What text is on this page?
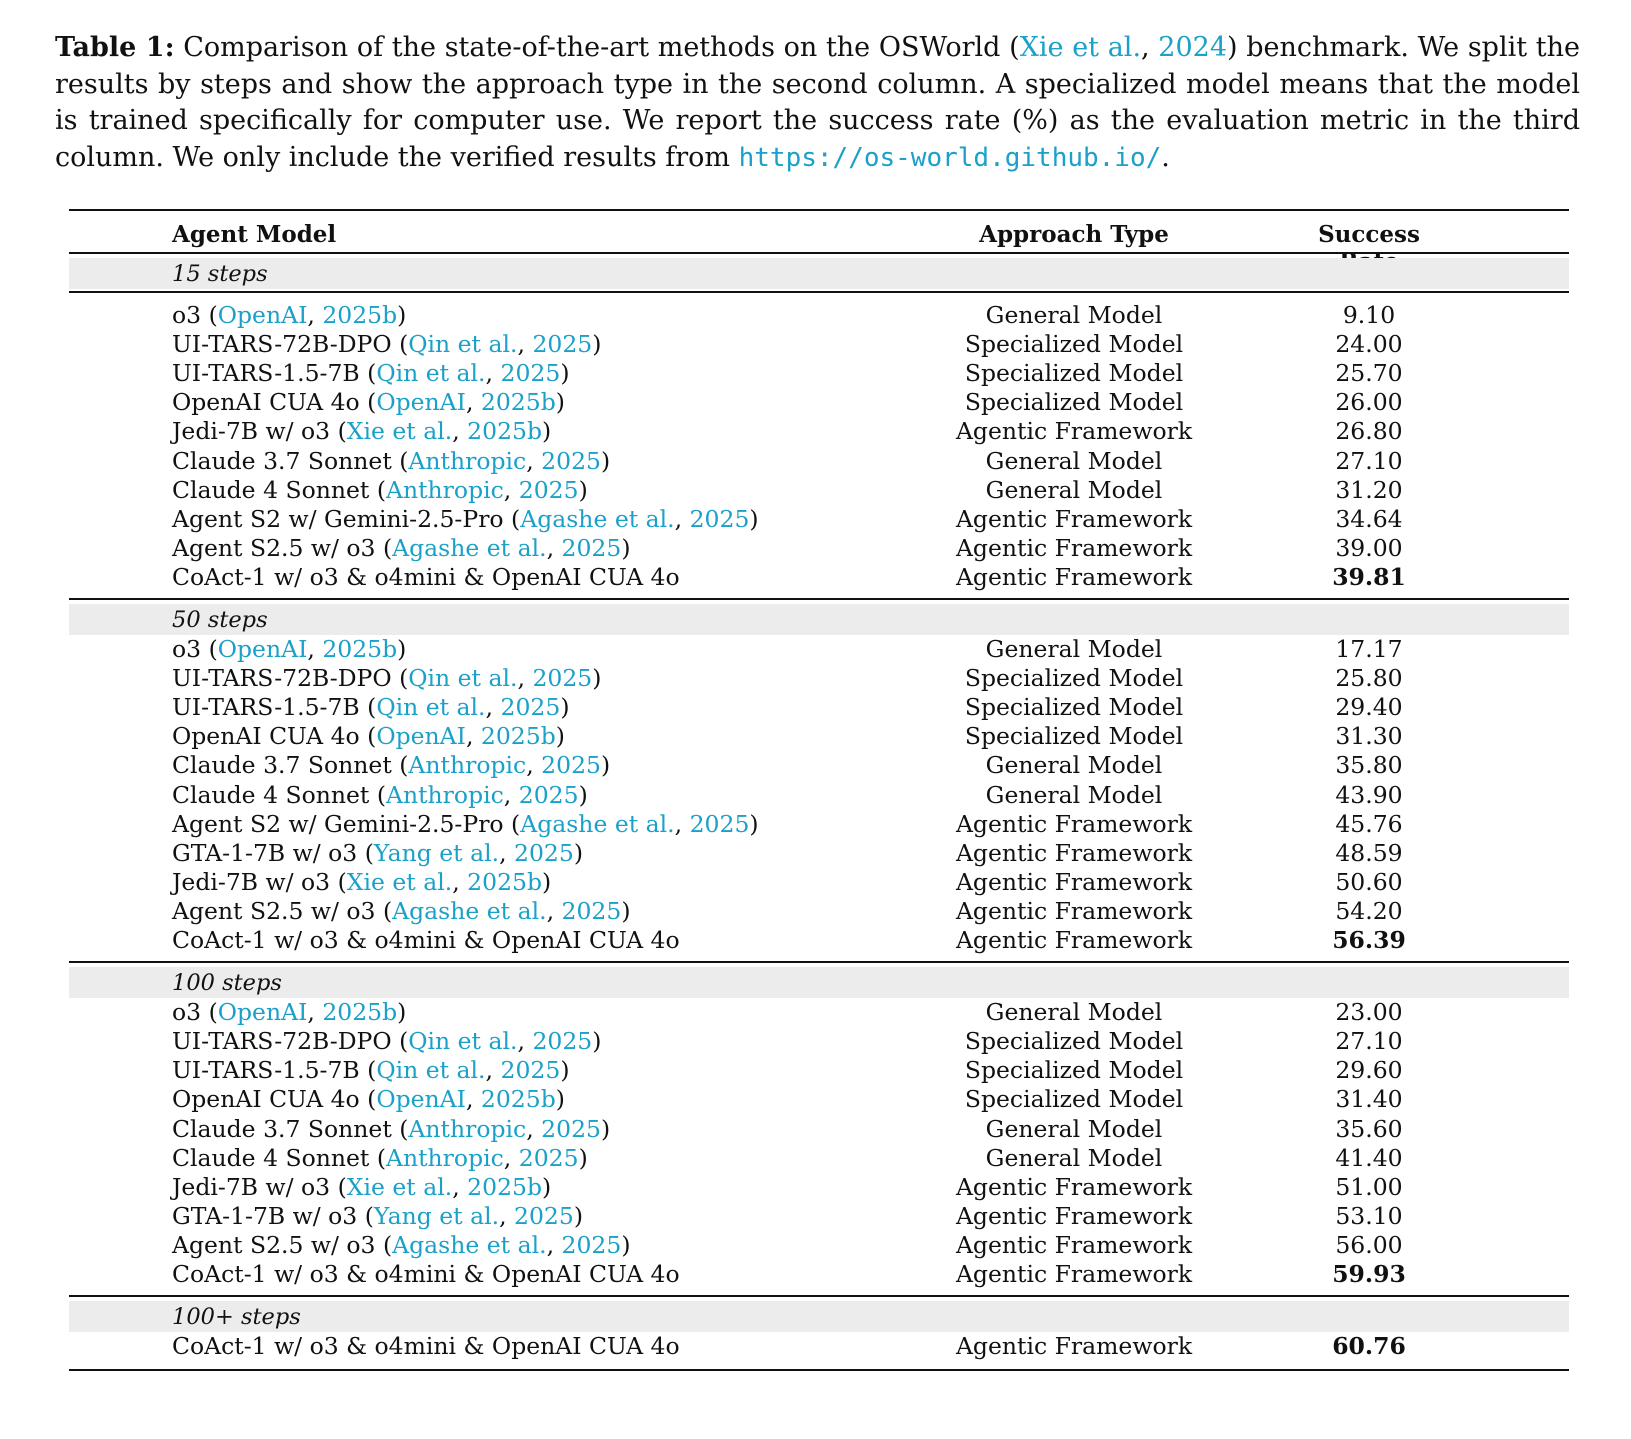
Table 1: Comparison of the state-of-the-art methods on the OSWorld (Xie et al., 2024) benchmark. We split the results by steps and show the approach type in the second column. A specialized model means that the model is trained specifically for computer use. We report the success rate (%) as the evaluation metric in the third column. We only include the verified results from https://os-world.github.io/.
Agent Model	Approach Type	Success
15 steps
o3 (OpenAI, 2025b)	General Model	9.10
UI-TARS-72B-DPO (Qin et al., 2025)	Specialized Model	24.00
UI-TARS-1.5-7B (Qin et al., 2025)	Specialized Model	25.70
OpenAI CUA 4o (OpenAI, 2025b)	Specialized Model	26.00
Jedi-7B w/ o3 (Xie et al., 2025b)	Agentic Framework	26.80
Claude 3.7 Sonnet (Anthropic, 2025)	General Model	27.10
Claude 4 Sonnet (Anthropic, 2025)	General Model	31.20
Agent S2 w/ Gemini-2.5-Pro (Agashe et al., 2025)	Agentic Framework	34.64
Agent S2.5 w/ o3 (Agashe et al., 2025)	Agentic Framework	39.00
CoAct-1 w/ o3 & o4mini & OpenAI CUA 4o	Agentic Framework	39.81
50 steps
o3 (OpenAI, 2025b)	General Model	17.17
UI-TARS-72B-DPO (Qin et al., 2025)	Specialized Model	25.80
UI-TARS-1.5-7B (Qin et al., 2025)	Specialized Model	29.40
OpenAI CUA 4o (OpenAI, 2025b)	Specialized Model	31.30
Claude 3.7 Sonnet (Anthropic, 2025)	General Model	35.80
Claude 4 Sonnet (Anthropic, 2025)	General Model	43.90
Agent S2 w/ Gemini-2.5-Pro (Agashe et al., 2025)	Agentic Framework	45.76
GTA-1-7B w/ o3 (Yang et al., 2025)	Agentic Framework	48.59
Jedi-7B w/ o3 (Xie et al., 2025b)	Agentic Framework	50.60
Agent S2.5 w/ o3 (Agashe et al., 2025)	Agentic Framework	54.20
CoAct-1 w/ o3 & o4mini & OpenAI CUA 4o	Agentic Framework	56.39
100 steps
o3 (OpenAI, 2025b)	General Model	23.00
UI-TARS-72B-DPO (Qin et al., 2025)	Specialized Model	27.10
UI-TARS-1.5-7B (Qin et al., 2025)	Specialized Model	29.60
OpenAI CUA 4o (OpenAI, 2025b)	Specialized Model	31.40
Claude 3.7 Sonnet (Anthropic, 2025)	General Model	35.60
Claude 4 Sonnet (Anthropic, 2025)	General Model	41.40
Jedi-7B w/ o3 (Xie et al., 2025b)	Agentic Framework	51.00
GTA-1-7B w/ o3 (Yang et al., 2025)	Agentic Framework	53.10
Agent S2.5 w/ o3 (Agashe et al., 2025)	Agentic Framework	56.00
CoAct-1 w/ o3 & o4mini & OpenAI CUA 4o	Agentic Framework	59.93
100+ steps
CoAct-1 w/ o3 & o4mini & OpenAI CUA 4o	Agentic Framework	60.76
